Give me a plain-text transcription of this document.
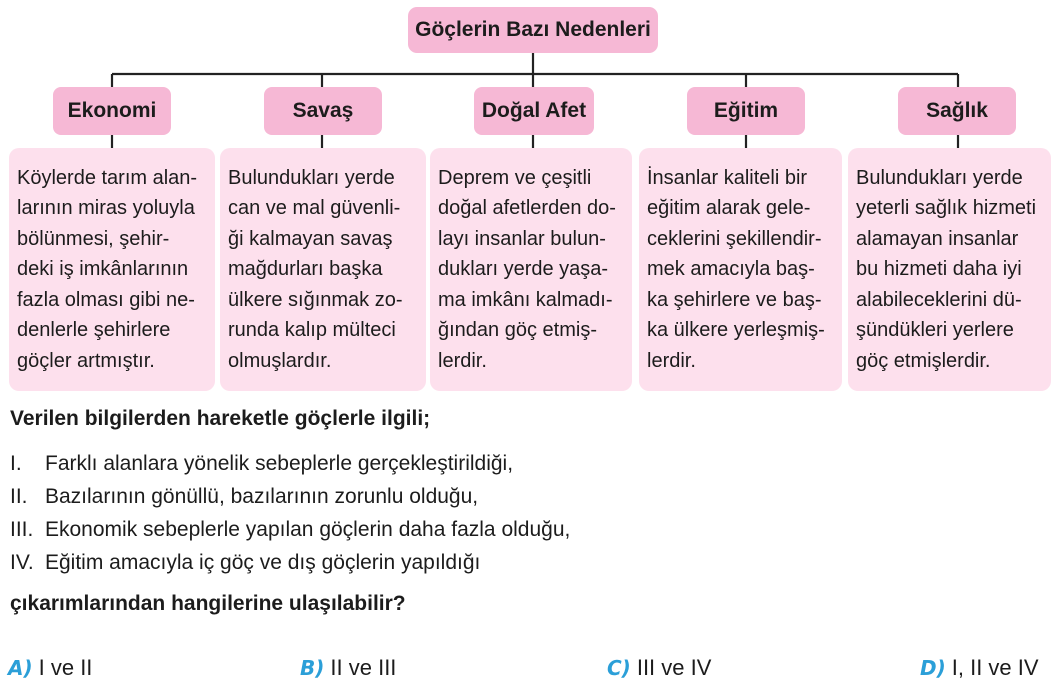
Göçlerin Bazı Nedenleri
Ekonomi	Savaş	Doğal Afet	Eğitim	Sağlık
Köylerde tarım alan-
larının miras yoluyla
bölünmesi, şehir-
deki iş imkânlarının
fazla olması gibi ne-
denlerle şehirlere
göçler artmıştır.
Bulundukları yerde
can ve mal güvenli-
ği kalmayan savaş
mağdurları başka
ülkere sığınmak zo-
runda kalıp mülteci
olmuşlardır.
Deprem ve çeşitli
doğal afetlerden do-
layı insanlar bulun-
dukları yerde yaşa-
ma imkânı kalmadı-
ğından göç etmiş-
lerdir.
İnsanlar kaliteli bir
eğitim alarak gele-
ceklerini şekillendir-
mek amacıyla baş-
ka şehirlere ve baş-
ka ülkere yerleşmiş-
lerdir.
Bulundukları yerde
yeterli sağlık hizmeti
alamayan insanlar
bu hizmeti daha iyi
alabileceklerini dü-
şündükleri yerlere
göç etmişlerdir.
Verilen bilgilerden hareketle göçlerle ilgili;
I. Farklı alanlara yönelik sebeplerle gerçekleştirildiği,
II. Bazılarının gönüllü, bazılarının zorunlu olduğu,
III. Ekonomik sebeplerle yapılan göçlerin daha fazla olduğu,
IV. Eğitim amacıyla iç göç ve dış göçlerin yapıldığı
çıkarımlarından hangilerine ulaşılabilir?
A) I ve II	B) II ve III	C) III ve IV	D) I, II ve IV
